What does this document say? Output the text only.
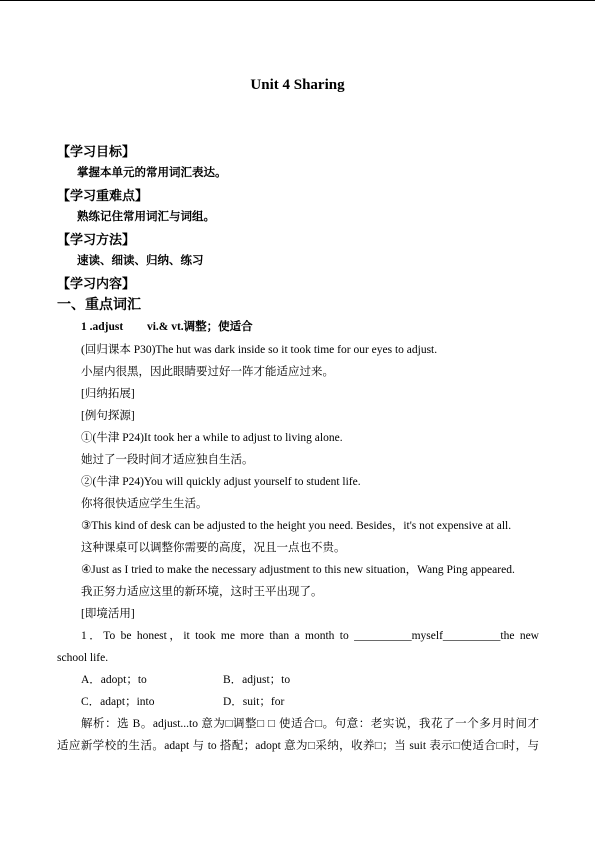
Unit 4 Sharing
【学习目标】
掌握本单元的常用词汇表达。
【学习重难点】
熟练记住常用词汇与词组。
【学习方法】
速读、细读、归纳、练习
【学习内容】
一、重点词汇
1 .adjust vi.& vt.调整；使适合
(回归课本 P30)The hut was dark inside so it took time for our eyes to adjust.
小屋内很黑，因此眼睛要过好一阵才能适应过来。
[归纳拓展]
[例句探源]
①(牛津 P24)It took her a while to adjust to living alone.
她过了一段时间才适应独自生活。
②(牛津 P24)You will quickly adjust yourself to student life.
你将很快适应学生生活。
③This kind of desk can be adjusted to the height you need. Besides，it's not expensive at all.
这种课桌可以调整你需要的高度，况且一点也不贵。
④Just as I tried to make the necessary adjustment to this new situation，Wang Ping appeared.
我正努力适应这里的新环境，这时王平出现了。
[即境活用]
1．To be honest，it took me more than a month to __________myself__________the new
school life.
A．adopt；to	B．adjust；to
C．adapt；into	D．suit；for
解析：选 B。adjust...to 意为□调整□ □ 使适合□。句意：老实说，我花了一个多月时间才
适应新学校的生活。adapt 与 to 搭配；adopt 意为□采纳，收养□；当 suit 表示□使适合□时，与
